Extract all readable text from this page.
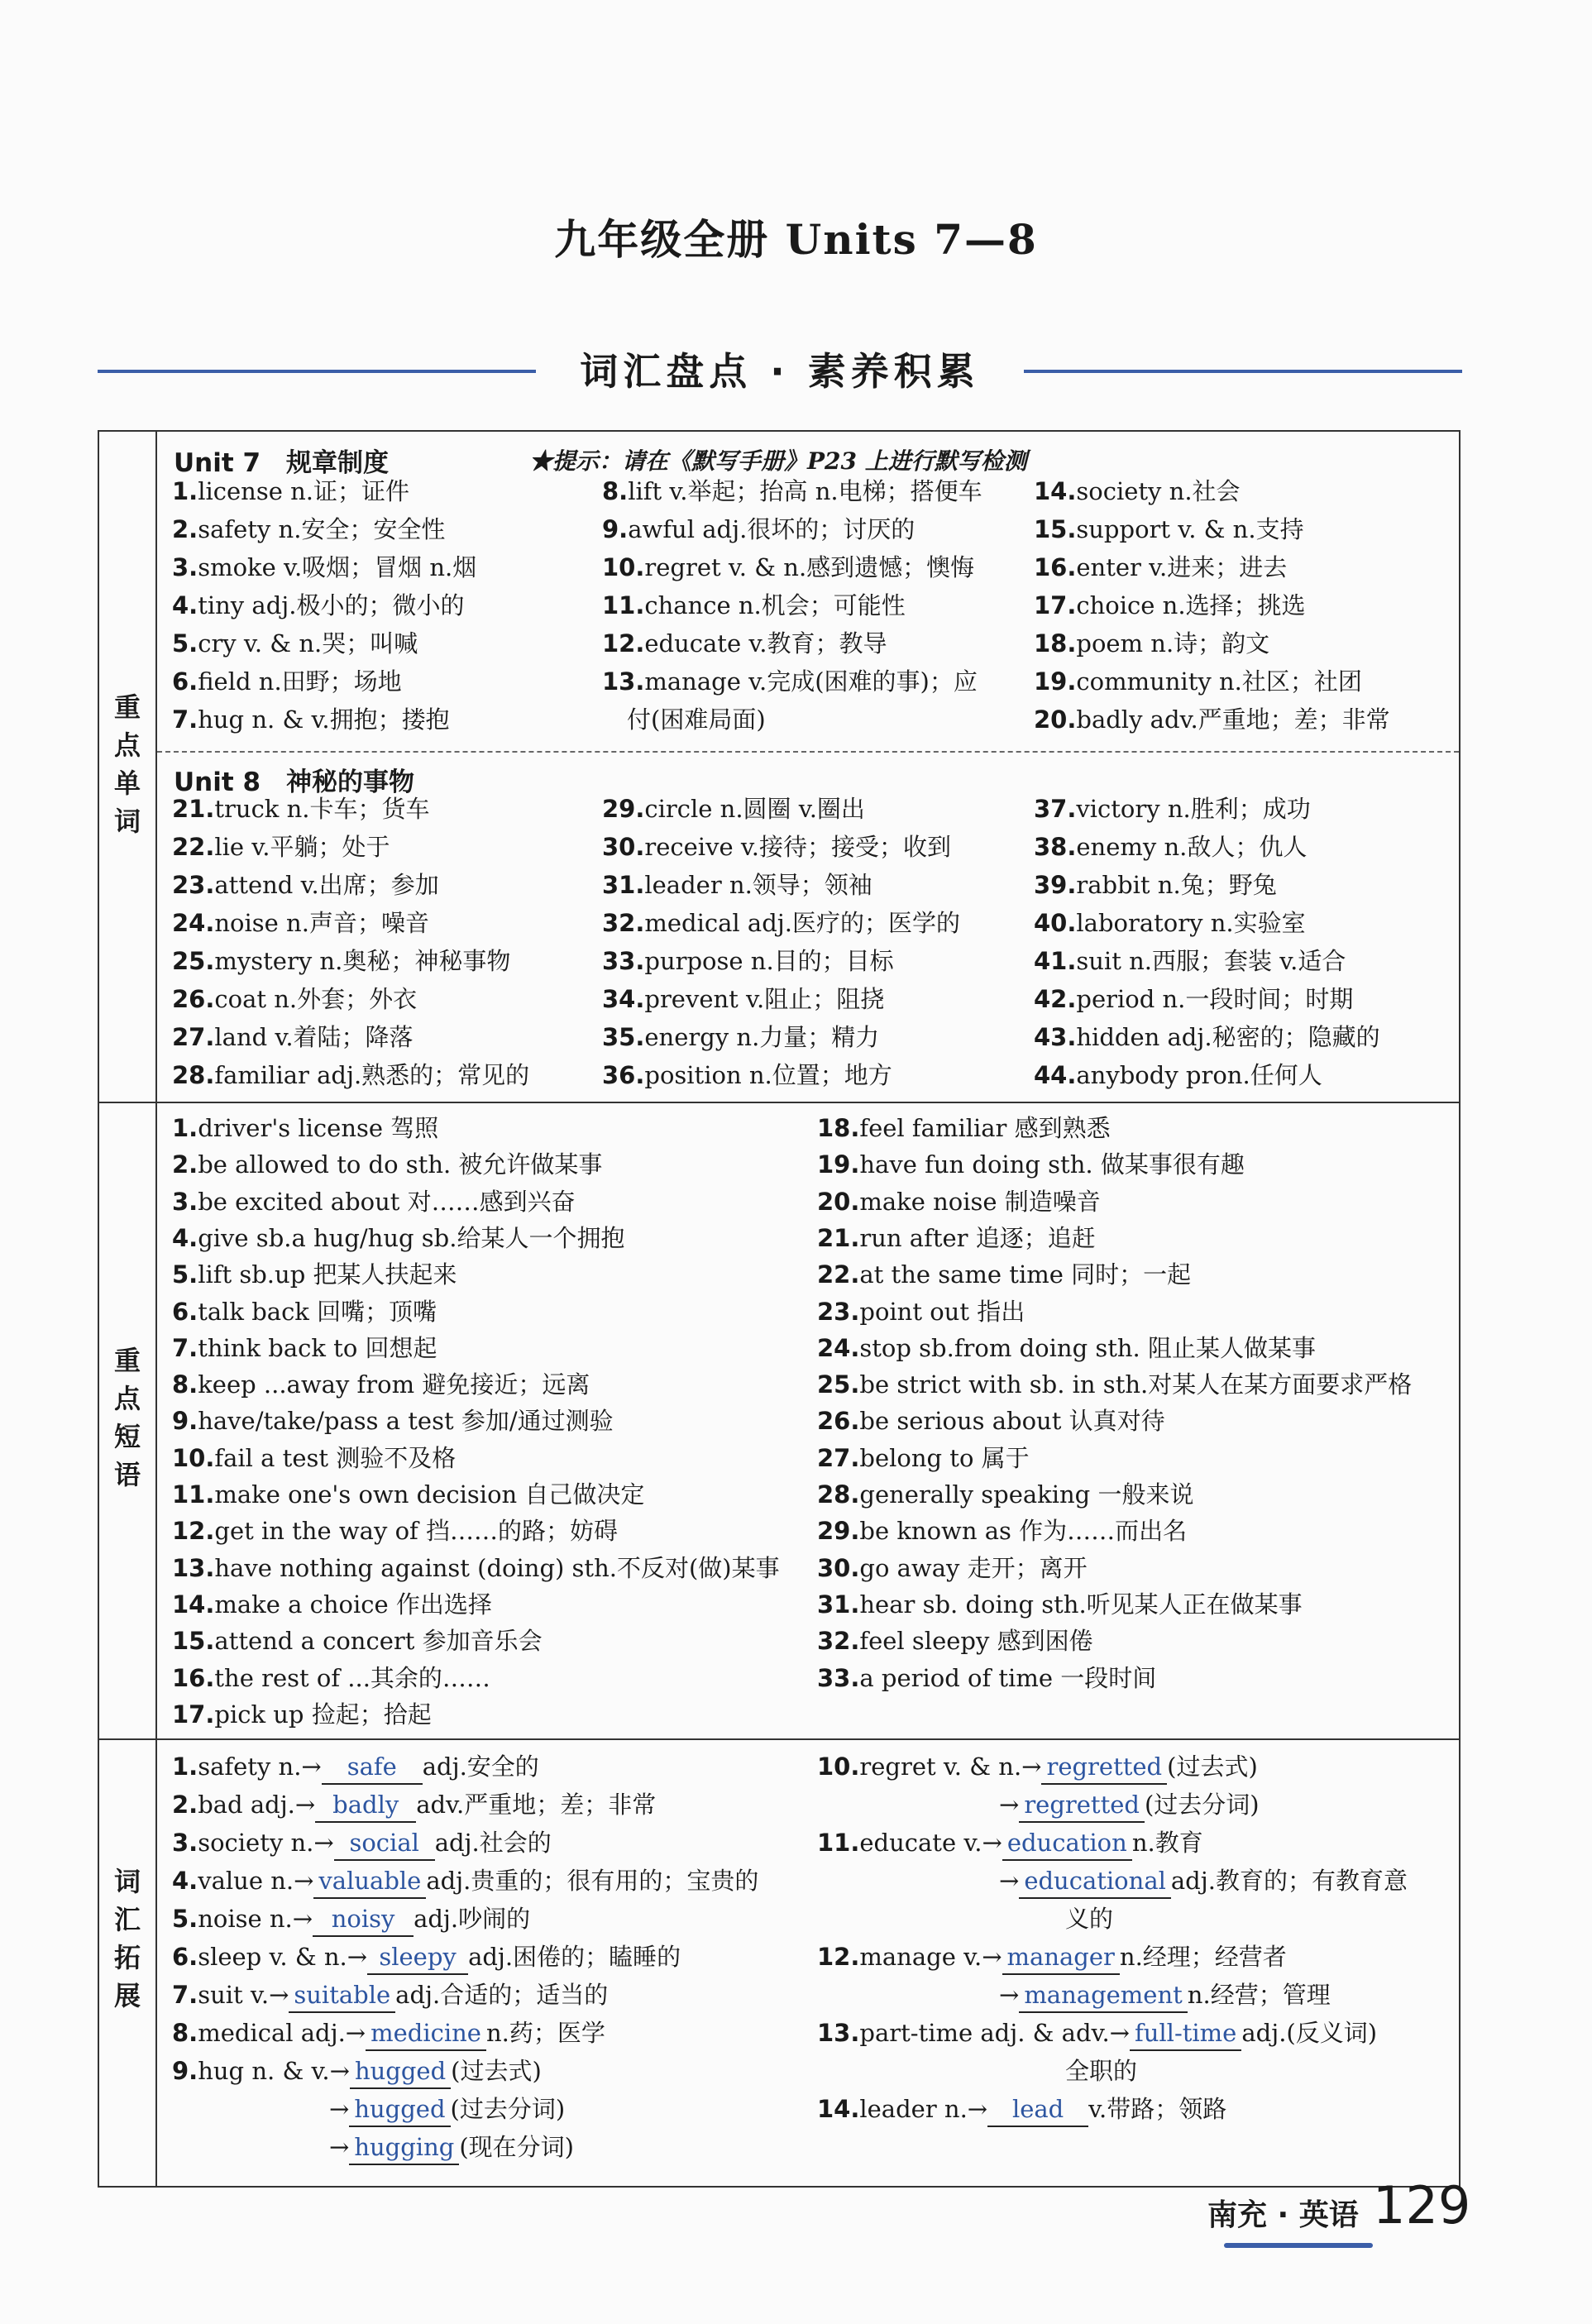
九年级全册 Units 7—8
词汇盘点 · 素养积累
重
点
单
词
重
点
短
语
词
汇
拓
展
Unit 7　规章制度	★提示：请在《默写手册》P23 上进行默写检测
Unit 8　神秘的事物
1.license n.证；证件
2.safety n.安全；安全性
3.smoke v.吸烟；冒烟 n.烟
4.tiny adj.极小的；微小的
5.cry v. & n.哭；叫喊
6.field n.田野；场地
7.hug n. & v.拥抱；搂抱
8.lift v.举起；抬高 n.电梯；搭便车
9.awful adj.很坏的；讨厌的
10.regret v. & n.感到遗憾；懊悔
11.chance n.机会；可能性
12.educate v.教育；教导
13.manage v.完成(困难的事)；应
付(困难局面)
14.society n.社会
15.support v. & n.支持
16.enter v.进来；进去
17.choice n.选择；挑选
18.poem n.诗；韵文
19.community n.社区；社团
20.badly adv.严重地；差；非常
21.truck n.卡车；货车
22.lie v.平躺；处于
23.attend v.出席；参加
24.noise n.声音；噪音
25.mystery n.奥秘；神秘事物
26.coat n.外套；外衣
27.land v.着陆；降落
28.familiar adj.熟悉的；常见的
29.circle n.圆圈 v.圈出
30.receive v.接待；接受；收到
31.leader n.领导；领袖
32.medical adj.医疗的；医学的
33.purpose n.目的；目标
34.prevent v.阻止；阻挠
35.energy n.力量；精力
36.position n.位置；地方
37.victory n.胜利；成功
38.enemy n.敌人；仇人
39.rabbit n.兔；野兔
40.laboratory n.实验室
41.suit n.西服；套装 v.适合
42.period n.一段时间；时期
43.hidden adj.秘密的；隐藏的
44.anybody pron.任何人
1.driver's license 驾照
2.be allowed to do sth. 被允许做某事
3.be excited about 对……感到兴奋
4.give sb.a hug/hug sb.给某人一个拥抱
5.lift sb.up 把某人扶起来
6.talk back 回嘴；顶嘴
7.think back to 回想起
8.keep ...away from 避免接近；远离
9.have/take/pass a test 参加/通过测验
10.fail a test 测验不及格
11.make one's own decision 自己做决定
12.get in the way of 挡……的路；妨碍
13.have nothing against (doing) sth.不反对(做)某事
14.make a choice 作出选择
15.attend a concert 参加音乐会
16.the rest of ...其余的……
17.pick up 捡起；拾起
18.feel familiar 感到熟悉
19.have fun doing sth. 做某事很有趣
20.make noise 制造噪音
21.run after 追逐；追赶
22.at the same time 同时；一起
23.point out 指出
24.stop sb.from doing sth. 阻止某人做某事
25.be strict with sb. in sth.对某人在某方面要求严格
26.be serious about 认真对待
27.belong to 属于
28.generally speaking 一般来说
29.be known as 作为……而出名
30.go away 走开；离开
31.hear sb. doing sth.听见某人正在做某事
32.feel sleepy 感到困倦
33.a period of time 一段时间
1.safety n.→ safe adj.安全的
2.bad adj.→ badly adv.严重地；差；非常
3.society n.→ social adj.社会的
4.value n.→ valuable adj.贵重的；很有用的；宝贵的
5.noise n.→ noisy adj.吵闹的
6.sleep v. & n.→ sleepy adj.困倦的；瞌睡的
7.suit v.→ suitable adj.合适的；适当的
8.medical adj.→ medicine n.药；医学
9.hug n. & v.→ hugged (过去式)
→ hugged (过去分词)
→ hugging (现在分词)
10.regret v. & n.→ regretted (过去式)
→ regretted (过去分词)
11.educate v.→ education n.教育
→ educational adj.教育的；有教育意
义的
12.manage v.→ manager n.经理；经营者
→ management n.经营；管理
13.part-time adj. & adv.→ full-time adj.(反义词)
全职的
14.leader n.→ lead v.带路；领路
南充 · 英语 129
